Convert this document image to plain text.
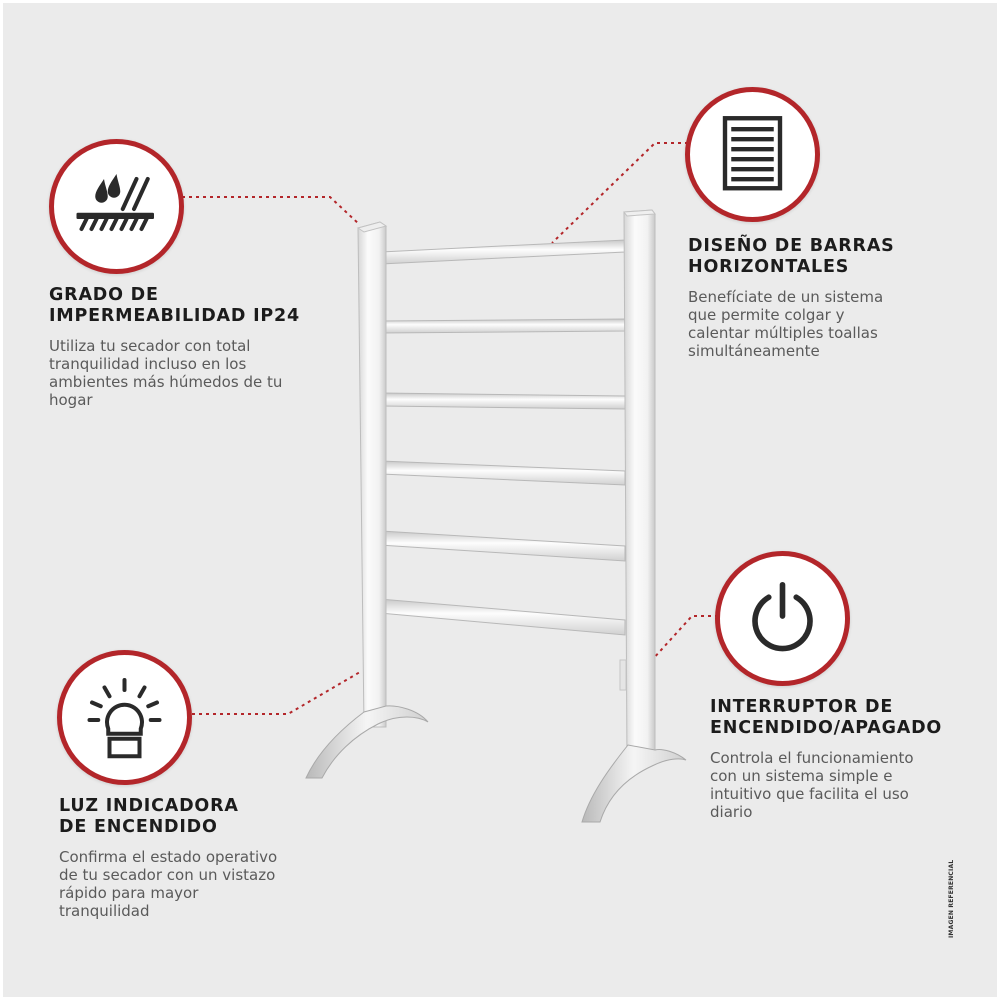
GRADO DE
IMPERMEABILIDAD IP24

Utiliza tu secador con total
tranquilidad incluso en los
ambientes más húmedos de tu
hogar

DISEÑO DE BARRAS
HORIZONTALES

Benefíciate de un sistema
que permite colgar y
calentar múltiples toallas
simultáneamente

LUZ INDICADORA
DE ENCENDIDO

Confirma el estado operativo
de tu secador con un vistazo
rápido para mayor
tranquilidad

INTERRUPTOR DE
ENCENDIDO/APAGADO

Controla el funcionamiento
con un sistema simple e
intuitivo que facilita el uso
diario

IMAGEN REFERENCIAL
